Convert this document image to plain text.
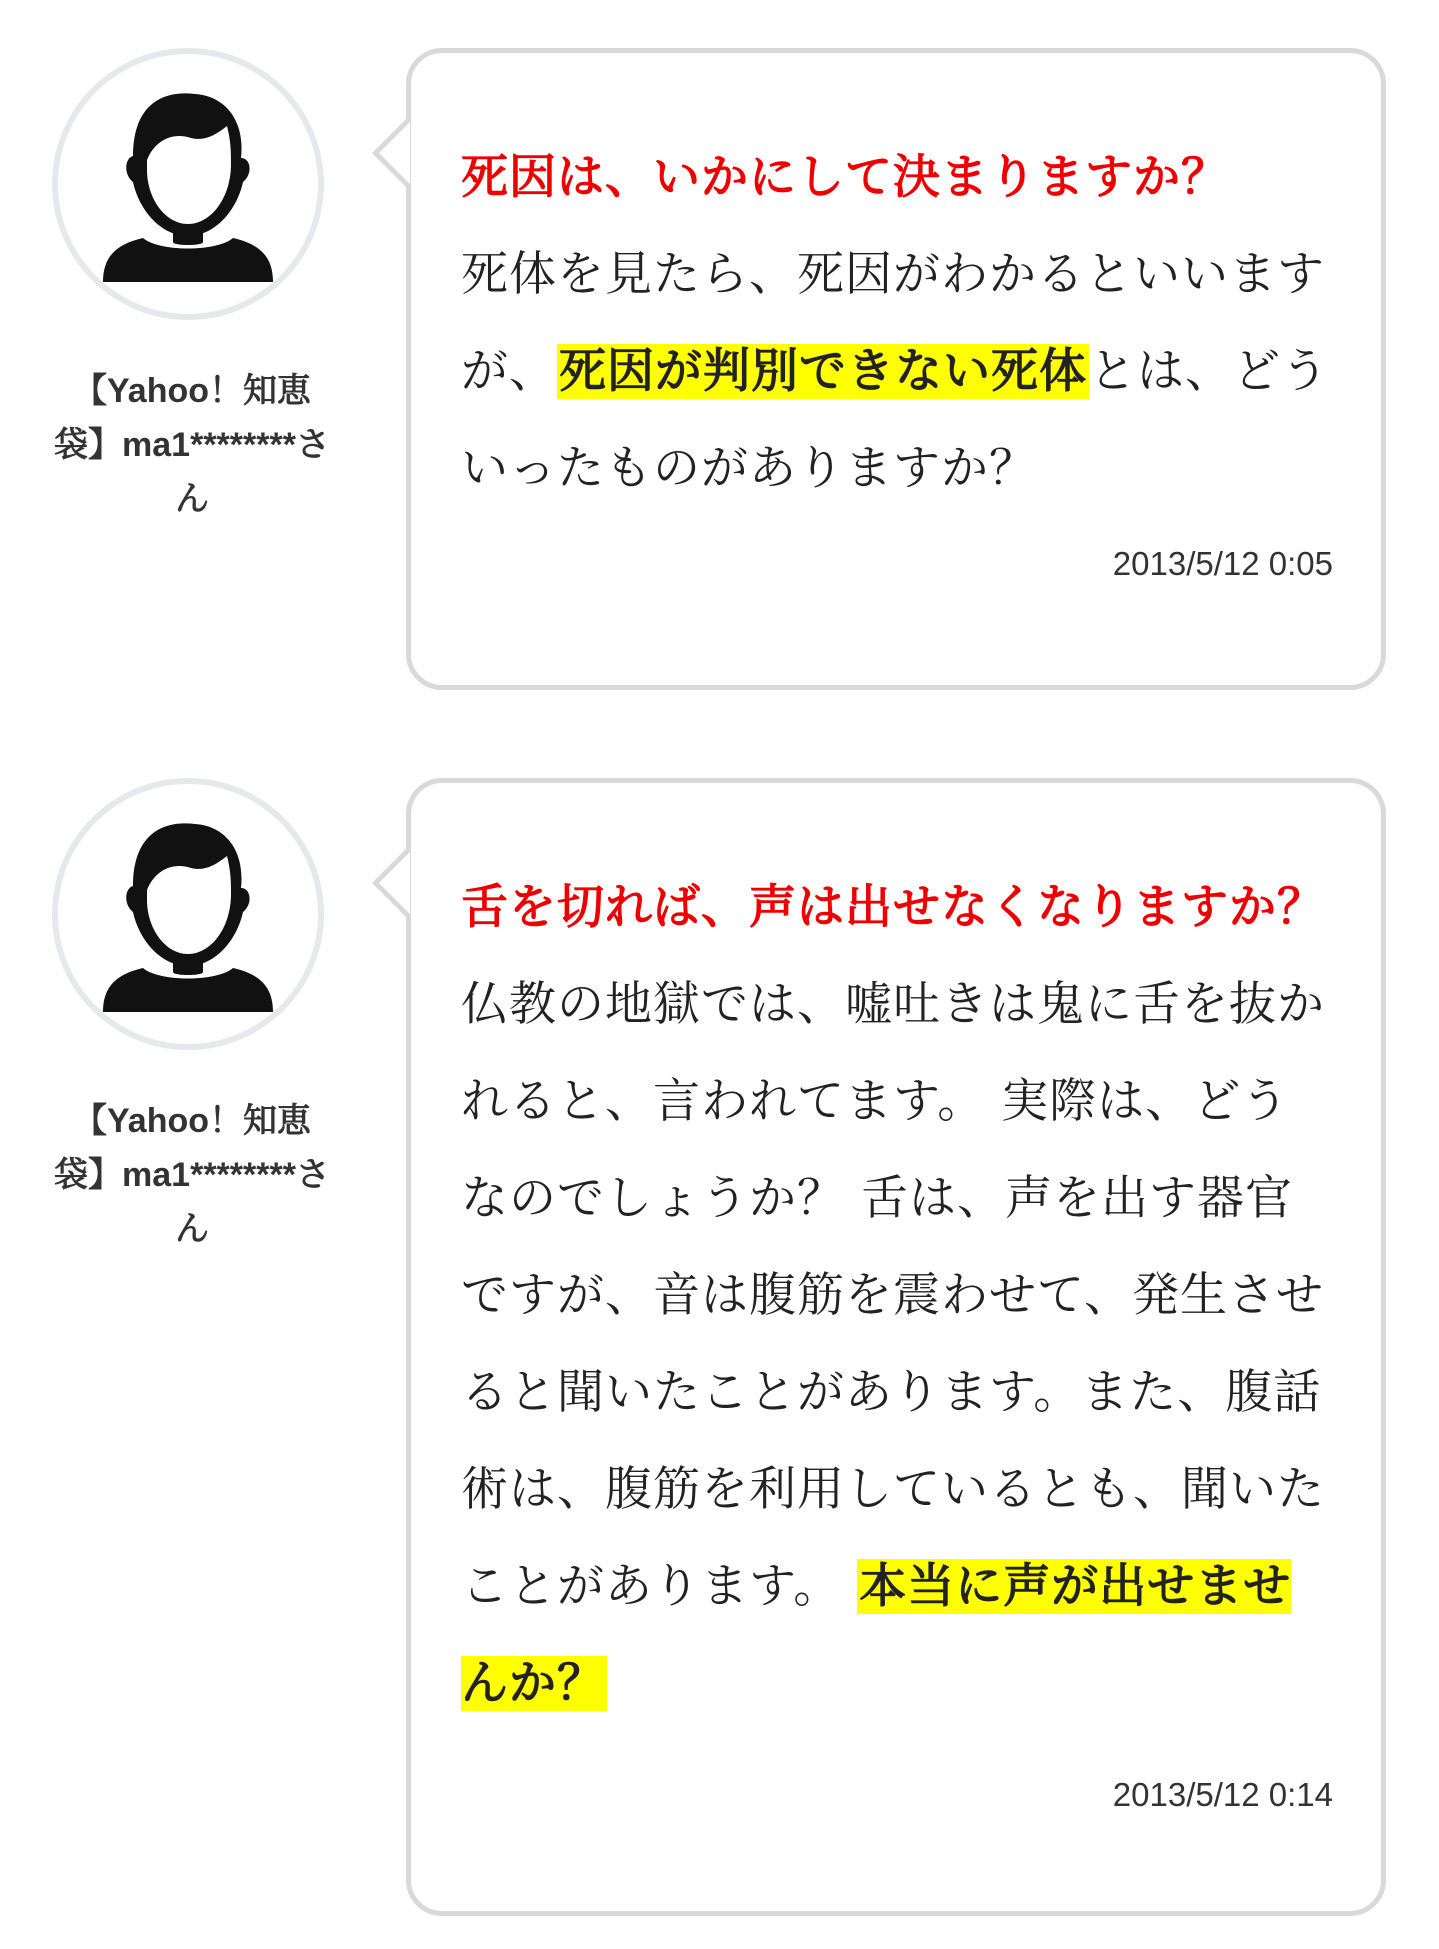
【Yahoo！知恵袋】ma1********さん
死因は、いかにして決まりますか？
死体を見たら、死因がわかるといいますが、死因が判別できない死体とは、どういったものがありますか？
2013/5/12 0:05
【Yahoo！知恵袋】ma1********さん
舌を切れば、声は出せなくなりますか？ 仏教の地獄では、嘘吐きは鬼に舌を抜かれると、言われてます。 実際は、どうなのでしょうか？ 舌は、声を出す器官ですが、音は腹筋を震わせて、発生させると聞いたことがあります。また、腹話術は、腹筋を利用しているとも、聞いたことがあります。 本当に声が出せませんか？
2013/5/12 0:14
